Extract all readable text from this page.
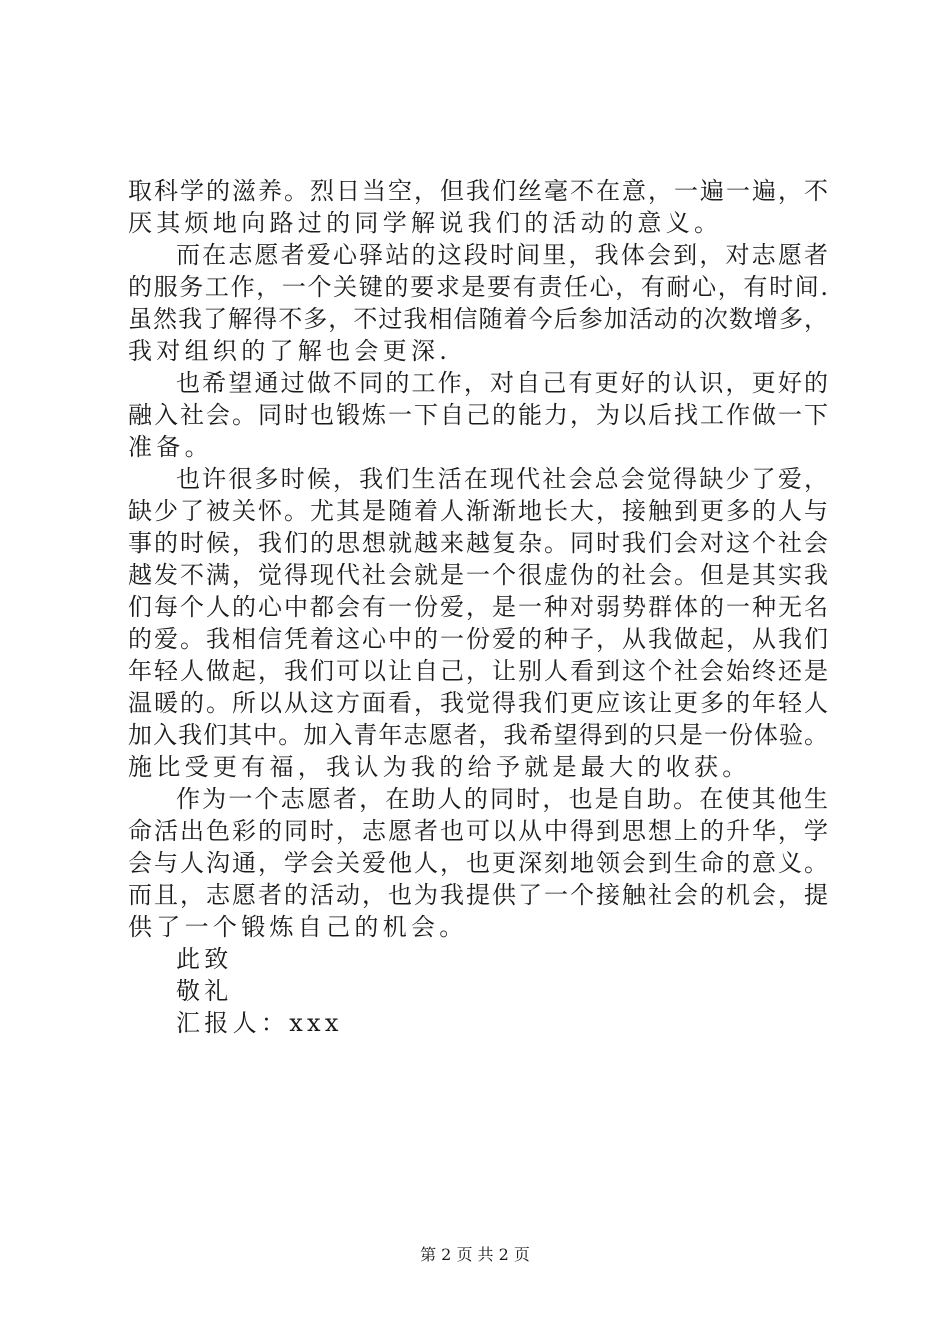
取科学的滋养。烈日当空，但我们丝毫不在意，一遍一遍，不
厌其烦地向路过的同学解说我们的活动的意义。
而在志愿者爱心驿站的这段时间里，我体会到，对志愿者
的服务工作，一个关键的要求是要有责任心，有耐心，有时间.
虽然我了解得不多，不过我相信随着今后参加活动的次数增多，
我对组织的了解也会更深.
也希望通过做不同的工作，对自己有更好的认识，更好的
融入社会。同时也锻炼一下自己的能力，为以后找工作做一下
准备。
也许很多时候，我们生活在现代社会总会觉得缺少了爱，
缺少了被关怀。尤其是随着人渐渐地长大，接触到更多的人与
事的时候，我们的思想就越来越复杂。同时我们会对这个社会
越发不满，觉得现代社会就是一个很虚伪的社会。但是其实我
们每个人的心中都会有一份爱，是一种对弱势群体的一种无名
的爱。我相信凭着这心中的一份爱的种子，从我做起，从我们
年轻人做起，我们可以让自己，让别人看到这个社会始终还是
温暖的。所以从这方面看，我觉得我们更应该让更多的年轻人
加入我们其中。加入青年志愿者，我希望得到的只是一份体验。
施比受更有福，我认为我的给予就是最大的收获。
作为一个志愿者，在助人的同时，也是自助。在使其他生
命活出色彩的同时，志愿者也可以从中得到思想上的升华，学
会与人沟通，学会关爱他人，也更深刻地领会到生命的意义。
而且，志愿者的活动，也为我提供了一个接触社会的机会，提
供了一个锻炼自己的机会。
此致
敬礼
汇报人：xxx
第 2 页 共 2 页
